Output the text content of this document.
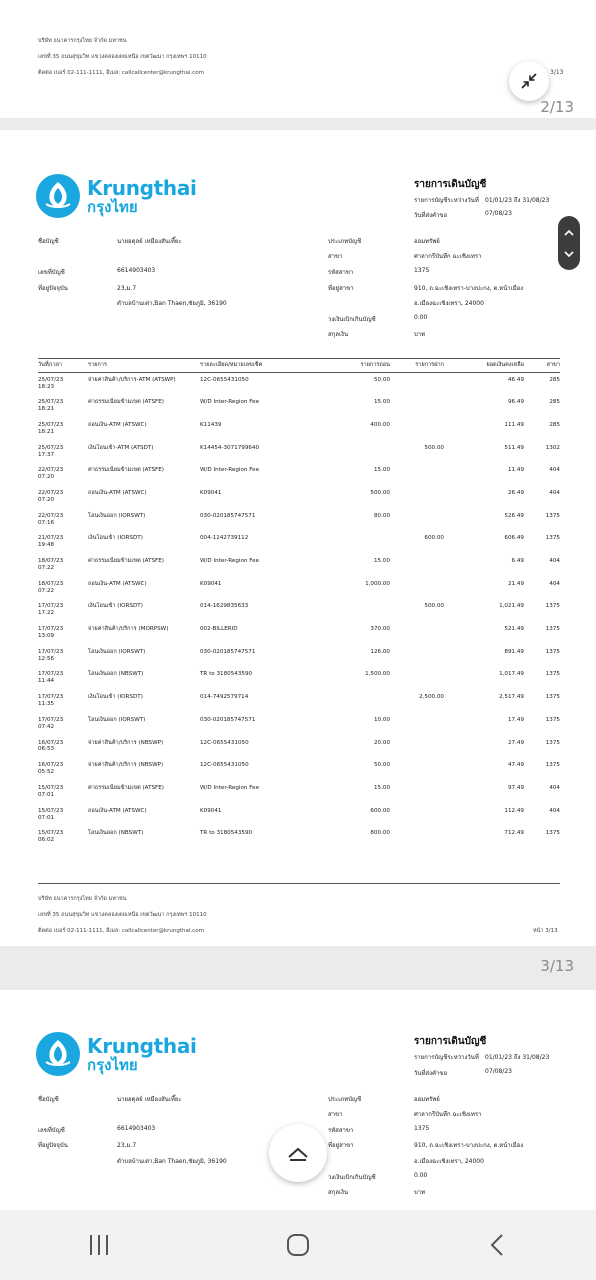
บริษัท ธนาคารกรุงไทย จำกัด มหาชน
เลขที่ 35 ถนนสุขุมวิท แขวงคลองเตยเหนือ เขตวัฒนา กรุงเทพฯ 10110
ติดต่อ เบอร์ 02-111-1111, อีเมล: callcallcenter@krungthai.com	3/13
2/13
Krungthai
กรุงไทย
รายการเดินบัญชี
รายการบัญชีระหว่างวันที่ 01/01/23 ถึง 31/08/23
วันที่ส่งคำขอ	07/08/23
ชื่อบัญชี	นายอดุลย์ เหมืองสันเที๊ยะ
เลขที่บัญชี	6614903403
ที่อยู่ปัจจุบัน	23,ม.7
ตำบลบ้านเต่า,Ban Thaen,ชัยภูมิ, 36190
ประเภทบัญชี	ออมทรัพย์
สาขา	ศาลากรีบันทึก ฉะเชิงเทรา
รหัสสาขา	1375
ที่อยู่สาขา	910, ถ.ฉะเชิงเทรา-บางปะกง, ต.หน้าเมือง
อ.เมืองฉะเชิงเทรา, 24000
วงเงินเบิกเกินบัญชี	0.00
สกุลเงิน	บาท
วันที่/เวลา	รายการ	รายละเอียด/หมายเลขเช็ค	รายการถอน	รายการฝาก	ยอดเงินคงเหลือ	สาขา

25/07/23
18:23	จ่ายค่าสินค้า/บริการ-ATM (ATSWP)	12C-0655431050	50.00		46.49	285

25/07/23
18:21	ค่าธรรมเนียมข้ามเขต (ATSFE)	W/D Inter-Region Fee	15.00		96.49	285

25/07/23
18:21	ถอนเงิน-ATM (ATSWC)	K11439	400.00		111.49	285

25/07/23
17:37	เงินโอนเข้า-ATM (ATSDT)	K14454-3071799640		500.00	511.49	1302

22/07/23
07:20	ค่าธรรมเนียมข้ามเขต (ATSFE)	W/D Inter-Region Fee	15.00		11.49	404

22/07/23
07:20	ถอนเงิน-ATM (ATSWC)	K09041	500.00		26.49	404

22/07/23
07:16	โอนเงินออก (IORSWT)	030-020185747571	80.00		526.49	1375

21/07/23
19:48	เงินโอนเข้า (IORSDT)	004-1242739112		600.00	606.49	1375

18/07/23
07:22	ค่าธรรมเนียมข้ามเขต (ATSFE)	W/D Inter-Region Fee	15.00		6.49	404

18/07/23
07:22	ถอนเงิน-ATM (ATSWC)	K09041	1,000.00		21.49	404

17/07/23
17:22	เงินโอนเข้า (IORSDT)	014-1629835633		500.00	1,021.49	1375

17/07/23
13:09	จ่ายค่าสินค้า/บริการ (MORPSW)	002-BILLERID	370.00		521.49	1375

17/07/23
12:56	โอนเงินออก (IORSWT)	030-020185747571	126.00		891.49	1375

17/07/23
11:44	โอนเงินออก (NBSWT)	TR to 3180543590	1,500.00		1,017.49	1375

17/07/23
11:35	เงินโอนเข้า (IORSDT)	014-7492579714		2,500.00	2,517.49	1375

17/07/23
07:42	โอนเงินออก (IORSWT)	030-020185747571	10.00		17.49	1375

16/07/23
06:53	จ่ายค่าสินค้า/บริการ (NBSWP)	12C-0655431050	20.00		27.49	1375

16/07/23
05:52	จ่ายค่าสินค้า/บริการ (NBSWP)	12C-0655431050	50.00		47.49	1375

15/07/23
07:01	ค่าธรรมเนียมข้ามเขต (ATSFE)	W/D Inter-Region Fee	15.00		97.49	404

15/07/23
07:01	ถอนเงิน-ATM (ATSWC)	K09041	600.00		112.49	404

15/07/23
06:02	โอนเงินออก (NBSWT)	TR to 3180543590	800.00		712.49	1375
บริษัท ธนาคารกรุงไทย จำกัด มหาชน
เลขที่ 35 ถนนสุขุมวิท แขวงคลองเตยเหนือ เขตวัฒนา กรุงเทพฯ 10110
ติดต่อ เบอร์ 02-111-1111, อีเมล: callcallcenter@krungthai.com	หน้า 3/13
3/13
Krungthai
กรุงไทย
รายการเดินบัญชี
รายการบัญชีระหว่างวันที่ 01/01/23 ถึง 31/08/23
วันที่ส่งคำขอ	07/08/23
ชื่อบัญชี	นายอดุลย์ เหมืองสันเที๊ยะ
เลขที่บัญชี	6614903403
ที่อยู่ปัจจุบัน	23,ม.7
ตำบลบ้านเต่า,Ban Thaen,ชัยภูมิ, 36190
ประเภทบัญชี	ออมทรัพย์
สาขา	ศาลากรีบันทึก ฉะเชิงเทรา
รหัสสาขา	1375
ที่อยู่สาขา	910, ถ.ฉะเชิงเทรา-บางปะกง, ต.หน้าเมือง
อ.เมืองฉะเชิงเทรา, 24000
วงเงินเบิกเกินบัญชี	0.00
สกุลเงิน	บาท
